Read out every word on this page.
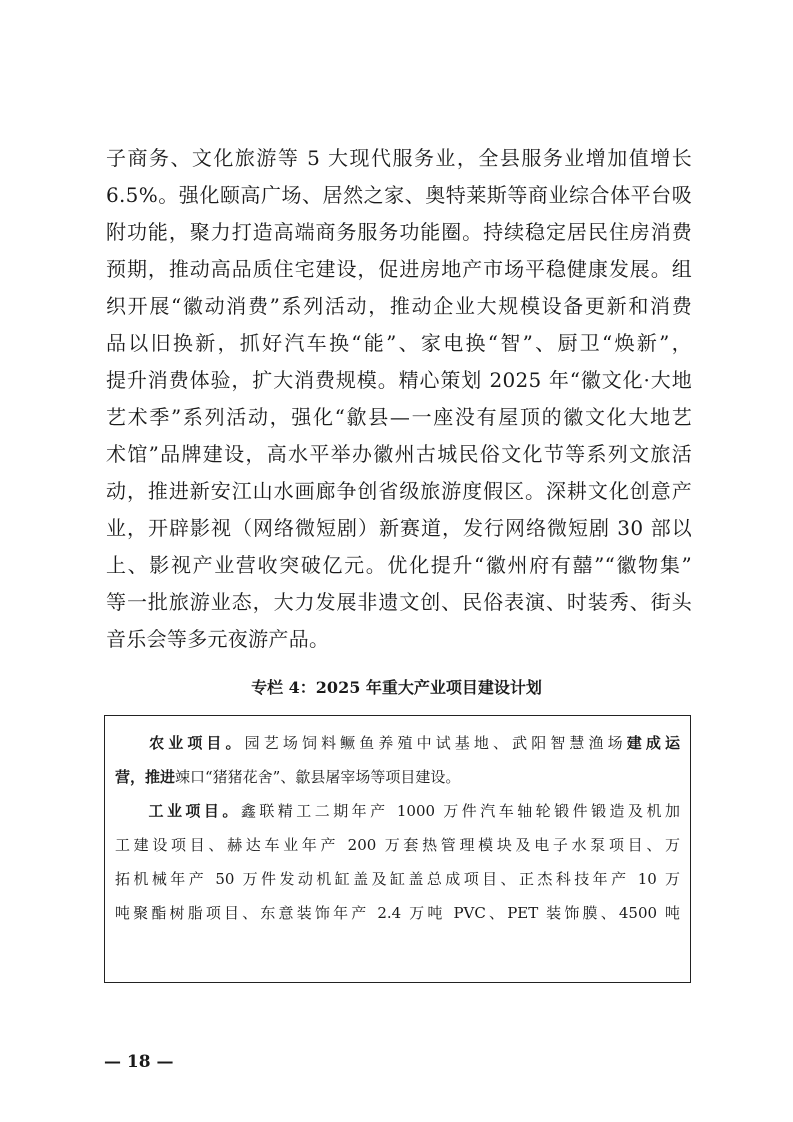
子商务、文化旅游等 5 大现代服务业，全县服务业增加值增长
6.5%。强化颐高广场、居然之家、奥特莱斯等商业综合体平台吸
附功能，聚力打造高端商务服务功能圈。持续稳定居民住房消费
预期，推动高品质住宅建设，促进房地产市场平稳健康发展。组
织开展“徽动消费”系列活动，推动企业大规模设备更新和消费
品以旧换新，抓好汽车换“能”、家电换“智”、厨卫“焕新”，
提升消费体验，扩大消费规模。精心策划 2025 年“徽文化·大地
艺术季”系列活动，强化“歙县—一座没有屋顶的徽文化大地艺
术馆”品牌建设，高水平举办徽州古城民俗文化节等系列文旅活
动，推进新安江山水画廊争创省级旅游度假区。深耕文化创意产
业，开辟影视（网络微短剧）新赛道，发行网络微短剧 30 部以
上、影视产业营收突破亿元。优化提升“徽州府有囍”“徽物集”
等一批旅游业态，大力发展非遗文创、民俗表演、时装秀、街头
音乐会等多元夜游产品。

专栏 4：2025 年重大产业项目建设计划

农业项目。园艺场饲料鳜鱼养殖中试基地、武阳智慧渔场建成运
营，推进竦口“猪猪花舍”、歙县屠宰场等项目建设。
工业项目。鑫联精工二期年产 1000 万件汽车轴轮锻件锻造及机加
工建设项目、赫达车业年产 200 万套热管理模块及电子水泵项目、万
拓机械年产 50 万件发动机缸盖及缸盖总成项目、正杰科技年产 10 万
吨聚酯树脂项目、东意装饰年产 2.4 万吨 PVC、PET 装饰膜、4500 吨

— 18 —
